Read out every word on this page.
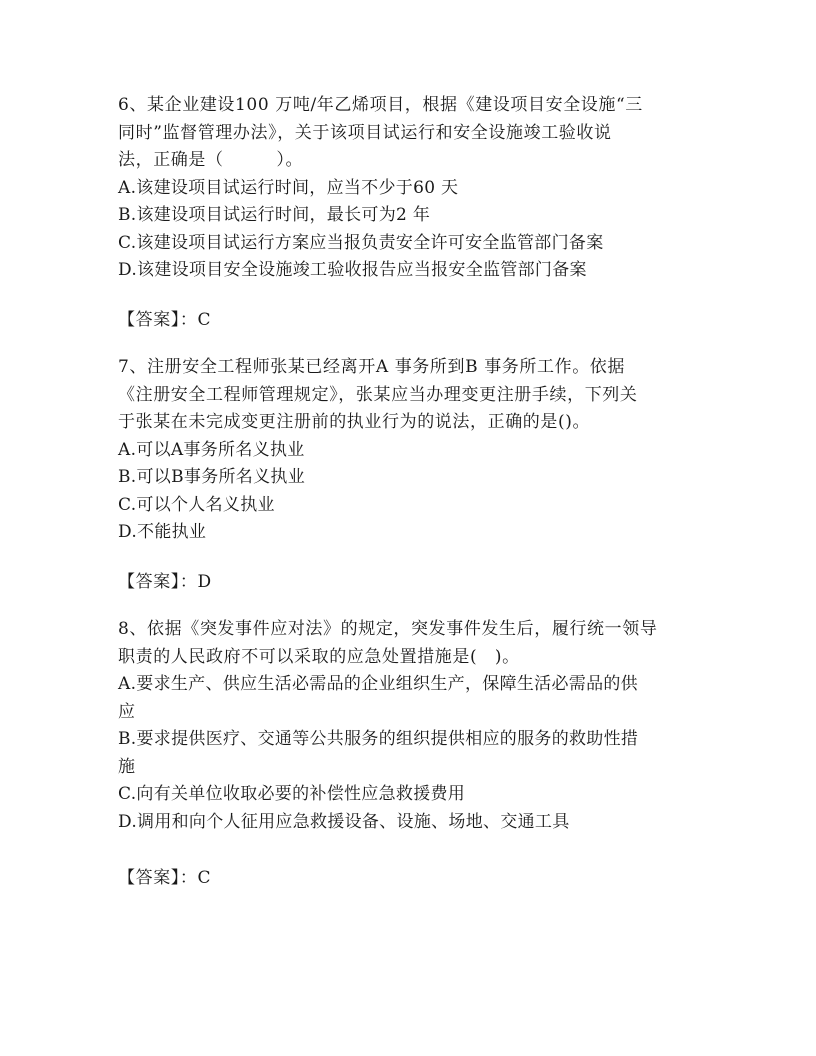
6、某企业建设100 万吨/年乙烯项目，根据《建设项目安全设施“三
同时”监督管理办法》，关于该项目试运行和安全设施竣工验收说
法，正确是（　　　）。
A.该建设项目试运行时间，应当不少于60 天
B.该建设项目试运行时间，最长可为2 年
C.该建设项目试运行方案应当报负责安全许可安全监管部门备案
D.该建设项目安全设施竣工验收报告应当报安全监管部门备案
【答案】：C
7、注册安全工程师张某已经离开A 事务所到B 事务所工作。依据
《注册安全工程师管理规定》，张某应当办理变更注册手续，下列关
于张某在未完成变更注册前的执业行为的说法，正确的是()。
A.可以A事务所名义执业
B.可以B事务所名义执业
C.可以个人名义执业
D.不能执业
【答案】：D
8、依据《突发事件应对法》的规定，突发事件发生后，履行统一领导
职责的人民政府不可以采取的应急处置措施是(　)。
A.要求生产、供应生活必需品的企业组织生产，保障生活必需品的供
应
B.要求提供医疗、交通等公共服务的组织提供相应的服务的救助性措
施
C.向有关单位收取必要的补偿性应急救援费用
D.调用和向个人征用应急救援设备、设施、场地、交通工具
【答案】：C
